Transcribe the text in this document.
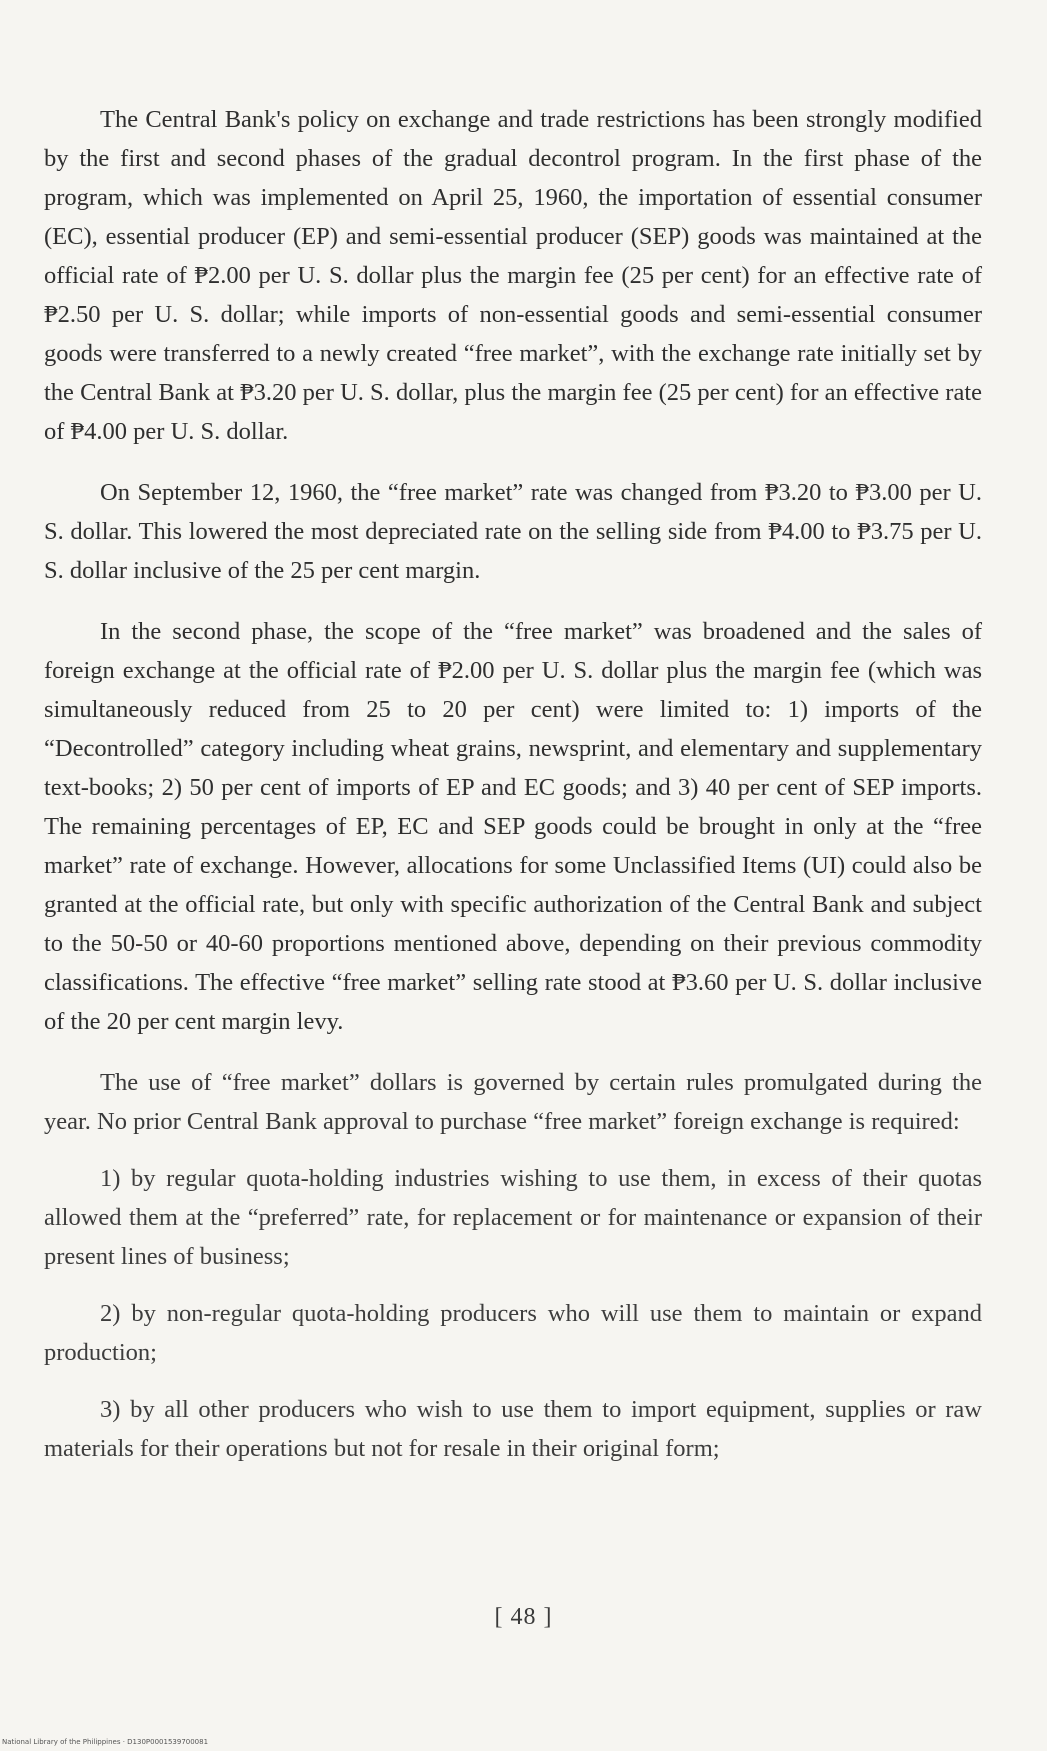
The Central Bank's policy on exchange and trade restrictions has been strongly modified by the first and second phases of the gradual decontrol program. In the first phase of the program, which was implemented on April 25, 1960, the importation of essential consumer (EC), essential producer (EP) and semi-essential producer (SEP) goods was maintained at the official rate of ₱2.00 per U. S. dollar plus the margin fee (25 per cent) for an effective rate of ₱2.50 per U. S. dollar; while imports of non-essential goods and semi-essential consumer goods were transferred to a newly created “free market”, with the exchange rate initially set by the Central Bank at ₱3.20 per U. S. dollar, plus the margin fee (25 per cent) for an effective rate of ₱4.00 per U. S. dollar.

On September 12, 1960, the “free market” rate was changed from ₱3.20 to ₱3.00 per U. S. dollar. This lowered the most depreciated rate on the selling side from ₱4.00 to ₱3.75 per U. S. dollar inclusive of the 25 per cent margin.

In the second phase, the scope of the “free market” was broadened and the sales of foreign exchange at the official rate of ₱2.00 per U. S. dollar plus the margin fee (which was simultaneously reduced from 25 to 20 per cent) were limited to: 1) imports of the “Decontrolled” category including wheat grains, newsprint, and elementary and supplementary text-books; 2) 50 per cent of imports of EP and EC goods; and 3) 40 per cent of SEP imports. The remaining percentages of EP, EC and SEP goods could be brought in only at the “free market” rate of exchange. However, allocations for some Unclassified Items (UI) could also be granted at the official rate, but only with specific authorization of the Central Bank and subject to the 50-50 or 40-60 proportions mentioned above, depending on their previous commodity classifications. The effective “free market” selling rate stood at ₱3.60 per U. S. dollar inclusive of the 20 per cent margin levy.

The use of “free market” dollars is governed by certain rules promulgated during the year. No prior Central Bank approval to purchase “free market” foreign exchange is required:

1) by regular quota-holding industries wishing to use them, in excess of their quotas allowed them at the “preferred” rate, for replacement or for maintenance or expansion of their present lines of business;

2) by non-regular quota-holding producers who will use them to maintain or expand production;

3) by all other producers who wish to use them to import equipment, supplies or raw materials for their operations but not for resale in their original form;

[ 48 ]
National Library of the Philippines · D130P0001539700081
